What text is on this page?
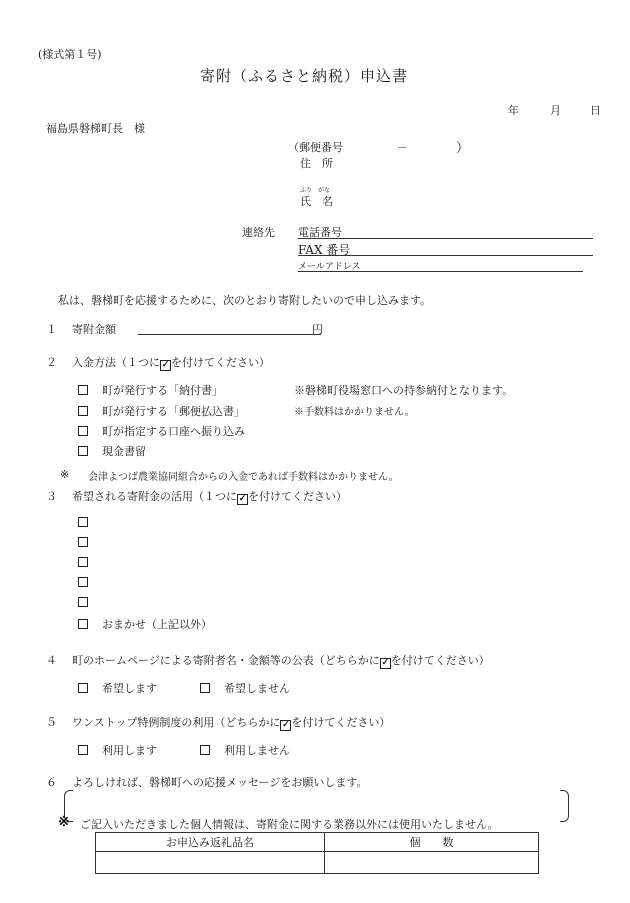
(様式第１号)
寄附（ふるさと納税）申込書
年	月	日
福島県磐梯町長　様
（郵便番号	－	）
住　所
ふり　がな
氏　名
連絡先 電話番号
FAX 番号
メールアドレス
私は、磐梯町を応援するために、次のとおり寄附したいので申し込みます。
１ 寄附金額	円
２ 入金方法（１つに ✓ を付けてください）
町が発行する「納付書」	※磐梯町役場窓口への持参納付となります。
町が発行する「郵便払込書」	※手数料はかかりません。
町が指定する口座へ振り込み
現金書留
※ 会津よつば農業協同組合からの入金であれば手数料はかかりません。
３ 希望される寄附金の活用（１つに ✓ を付けてください）
おまかせ（上記以外）
４ 町のホームページによる寄附者名・金額等の公表（どちらかに ✓ を付けてください）
希望します	希望しません
５ ワンストップ特例制度の利用（どちらかに ✓ を付けてください）
利用します	利用しません
６ よろしければ、磐梯町への応援メッセージをお願いします。
※ ご記入いただきました個人情報は、寄附金に関する業務以外には使用いたしません。
お申込み返礼品名	個　　数
